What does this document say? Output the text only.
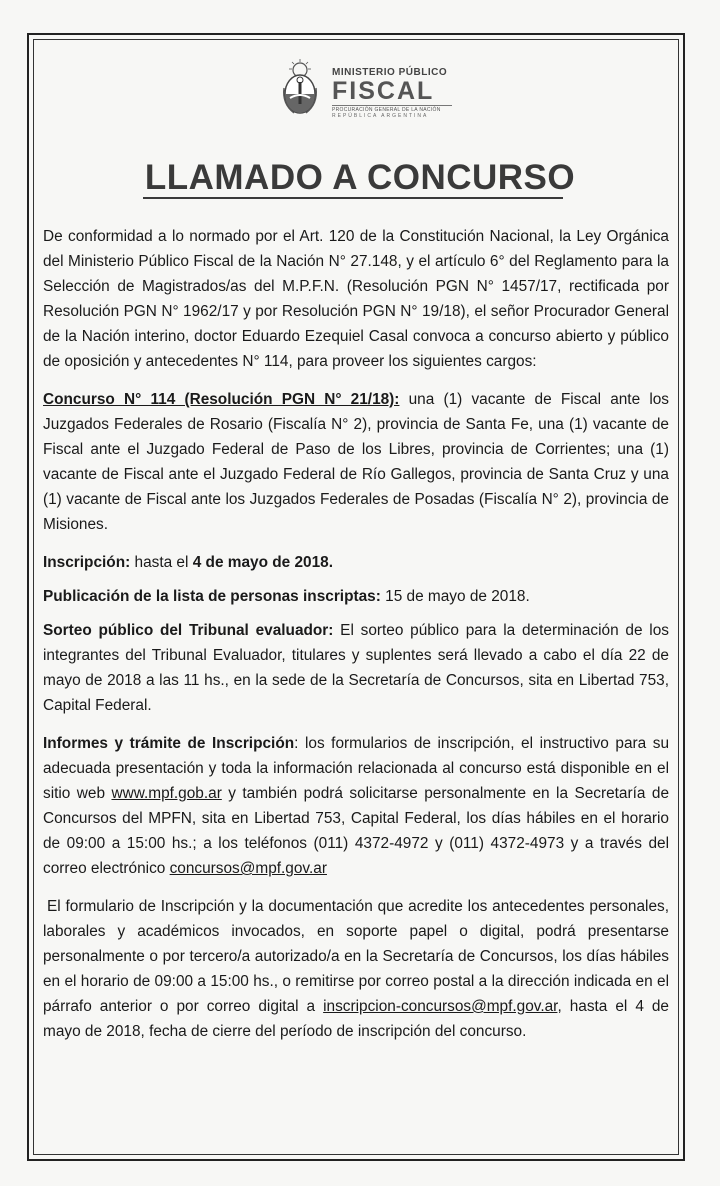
MINISTERIO PÚBLICO
FISCAL
PROCURACIÓN GENERAL DE LA NACIÓN
REPÚBLICA ARGENTINA
LLAMADO A CONCURSO

De conformidad a lo normado por el Art. 120 de la Constitución Nacional, la Ley Orgánica del Ministerio Público Fiscal de la Nación N° 27.148, y el artículo 6° del Reglamento para la Selección de Magistrados/as del M.P.F.N. (Resolución PGN N° 1457/17, rectificada por Resolución PGN N° 1962/17 y por Resolución PGN N° 19/18), el señor Procurador General de la Nación interino, doctor Eduardo Ezequiel Casal convoca a concurso abierto y público de oposición y antecedentes N° 114, para proveer los siguientes cargos:

Concurso N° 114 (Resolución PGN N° 21/18): una (1) vacante de Fiscal ante los Juzgados Federales de Rosario (Fiscalía N° 2), provincia de Santa Fe, una (1) vacante de Fiscal ante el Juzgado Federal de Paso de los Libres, provincia de Corrientes; una (1) vacante de Fiscal ante el Juzgado Federal de Río Gallegos, provincia de Santa Cruz y una (1) vacante de Fiscal ante los Juzgados Federales de Posadas (Fiscalía N° 2), provincia de Misiones.

Inscripción: hasta el 4 de mayo de 2018.

Publicación de la lista de personas inscriptas: 15 de mayo de 2018.

Sorteo público del Tribunal evaluador: El sorteo público para la determinación de los integrantes del Tribunal Evaluador, titulares y suplentes será llevado a cabo el día 22 de mayo de 2018 a las 11 hs., en la sede de la Secretaría de Concursos, sita en Libertad 753, Capital Federal.

Informes y trámite de Inscripción: los formularios de inscripción, el instructivo para su adecuada presentación y toda la información relacionada al concurso está disponible en el sitio web www.mpf.gob.ar y también podrá solicitarse personalmente en la Secretaría de Concursos del MPFN, sita en Libertad 753, Capital Federal, los días hábiles en el horario de 09:00 a 15:00 hs.; a los teléfonos (011) 4372-4972 y (011) 4372-4973 y a través del correo electrónico concursos@mpf.gov.ar

El formulario de Inscripción y la documentación que acredite los antecedentes personales, laborales y académicos invocados, en soporte papel o digital, podrá presentarse personalmente o por tercero/a autorizado/a en la Secretaría de Concursos, los días hábiles en el horario de 09:00 a 15:00 hs., o remitirse por correo postal a la dirección indicada en el párrafo anterior o por correo digital a inscripcion-concursos@mpf.gov.ar, hasta el 4 de mayo de 2018, fecha de cierre del período de inscripción del concurso.
